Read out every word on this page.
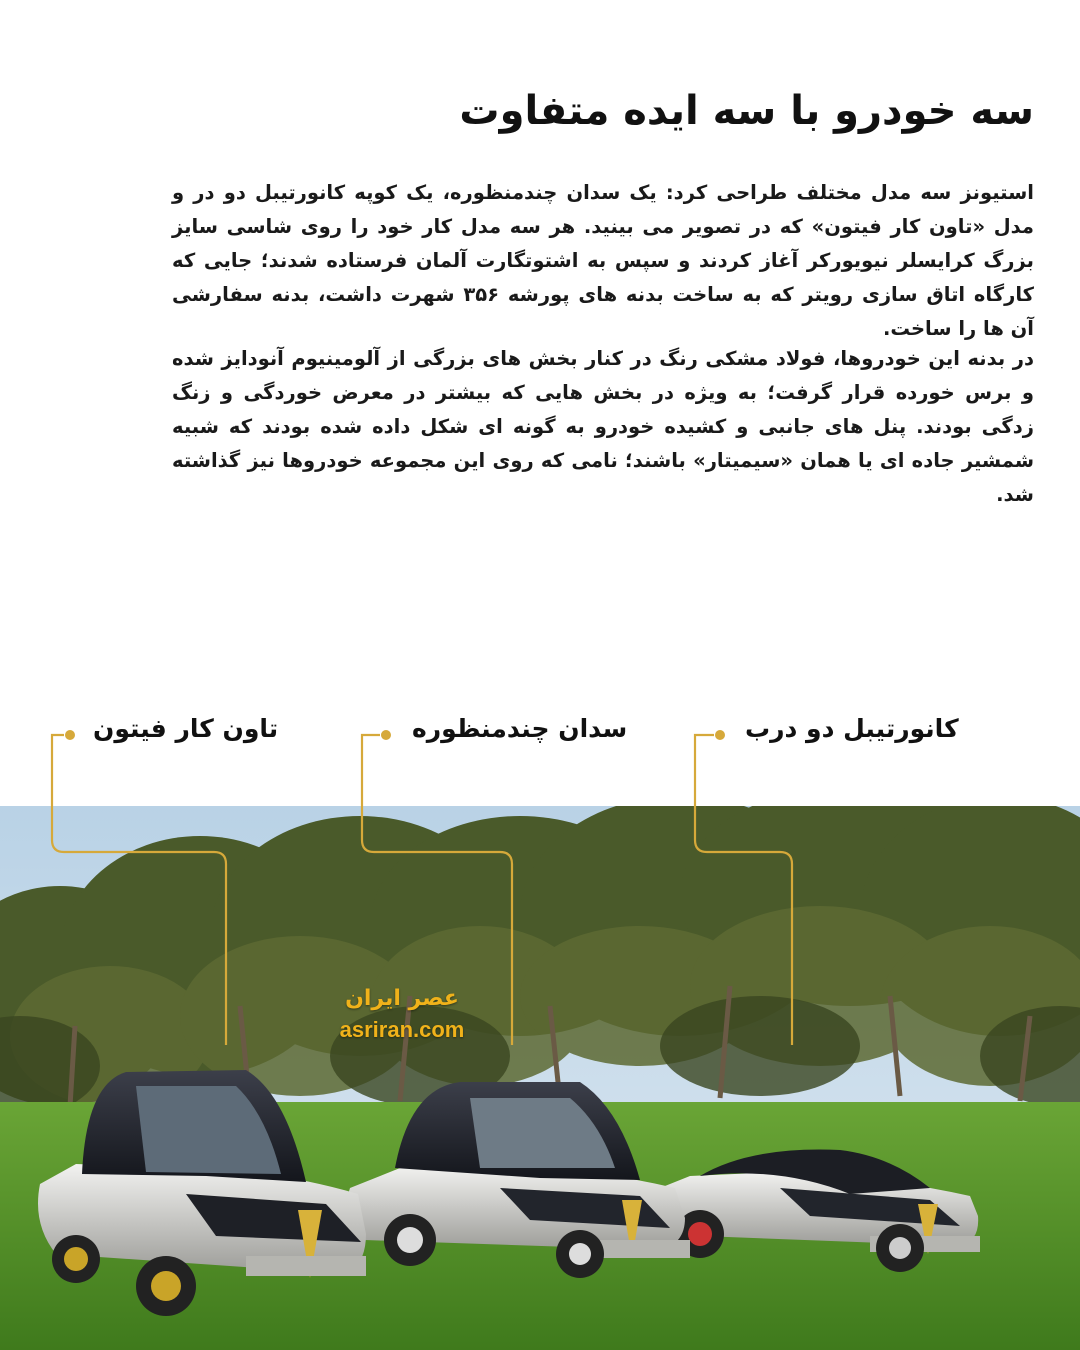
سه خودرو با سه ایده متفاوت

استیونز سه مدل مختلف طراحی کرد: یک سدان چندمنظوره، یک کوپه کانورتیبل دو در و مدل «تاون کار فیتون» که در تصویر می بینید. هر سه مدل کار خود را روی شاسی سایز بزرگ کرایسلر نیویورکر آغاز کردند و سپس به اشتوتگارت آلمان فرستاده شدند؛ جایی که کارگاه اتاق سازی رویتر که به ساخت بدنه های پورشه ۳۵۶ شهرت داشت، بدنه سفارشی آن ها را ساخت.

در بدنه این خودروها، فولاد مشکی رنگ در کنار بخش های بزرگی از آلومینیوم آنودایز شده و برس خورده قرار گرفت؛ به ویژه در بخش هایی که بیشتر در معرض خوردگی و زنگ زدگی بودند. پنل های جانبی و کشیده خودرو به گونه ای شکل داده شده بودند که شبیه شمشیر جاده ای یا همان «سیمیتار» باشند؛ نامی که روی این مجموعه خودروها نیز گذاشته شد.

تاون کار فیتون	سدان چندمنظوره	کانورتیبل دو درب
عصر ایران
asriran.com
